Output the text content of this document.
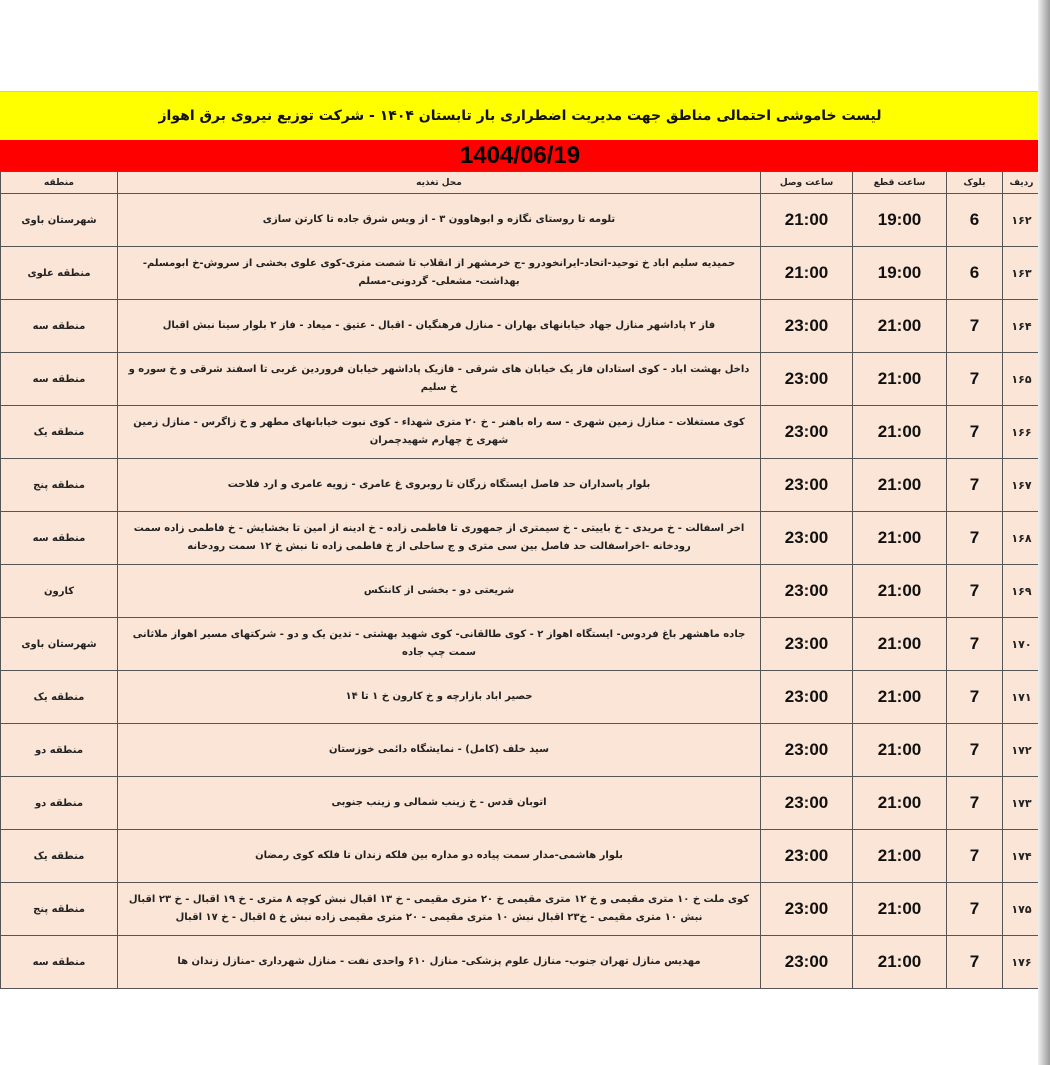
لیست خاموشی احتمالی مناطق جهت مدیریت اضطراری بار تابستان ۱۴۰۴ - شرکت توزیع نیروی برق اهواز
1404/06/19
ردیف	بلوک	ساعت قطع	ساعت وصل	محل تغذیه	منطقه
۱۶۲	6	19:00	21:00	تلومه تا روستای نگازه و ابوهاوون ۳ - از ویس شرق جاده تا کارتن سازی	شهرستان باوی
۱۶۳	6	19:00	21:00	حمیدیه سلیم اباد خ توحید-اتحاد-ایرانخودرو -ج خرمشهر از انقلاب تا شصت متری-کوی علوی بخشی از سروش-خ ابومسلم- بهداشت- مشعلی- گردونی-مسلم	منطقه علوی
۱۶۴	7	21:00	23:00	فاز ۲ پاداشهر منازل جهاد خیابانهای بهاران - منازل فرهنگیان - اقبال - عتیق - میعاد - فاز ۲ بلوار سینا نبش اقبال	منطقه سه
۱۶۵	7	21:00	23:00	داخل بهشت اباد - کوی استادان فاز یک خیابان های شرقی - فازیک پاداشهر خیابان فروردین غربی تا اسفند شرقی و خ سوره و خ سلیم	منطقه سه
۱۶۶	7	21:00	23:00	کوی مستغلات - منازل زمین شهری - سه راه باهنر - خ ۲۰ متری شهداء - کوی نبوت خیابانهای مطهر و خ زاگرس - منازل زمین شهری خ چهارم شهیدچمران	منطقه یک
۱۶۷	7	21:00	23:00	بلوار پاسداران حد فاصل ایستگاه زرگان تا روبروی غ عامری - زویه عامری و ارد فلاحت	منطقه پنج
۱۶۸	7	21:00	23:00	اخر اسفالت - خ مریدی - خ باییتی - خ سیمتری از جمهوری تا فاطمی زاده - خ ادینه از امین تا بخشایش - خ فاطمی زاده سمت رودخانه -اخراسفالت حد فاصل بین سی متری و ج ساحلی از خ فاطمی زاده تا نبش خ ۱۲ سمت رودخانه	منطقه سه
۱۶۹	7	21:00	23:00	شریعتی دو - بخشی از کانتکس	کارون
۱۷۰	7	21:00	23:00	جاده ماهشهر باغ فردوس- ایستگاه اهواز ۲ - کوی طالقانی- کوی شهید بهشتی - تدین یک و دو - شرکتهای مسیر اهواز ملاثانی سمت چپ جاده	شهرستان باوی
۱۷۱	7	21:00	23:00	حصیر اباد بازارچه و خ کارون خ ۱ تا ۱۴	منطقه یک
۱۷۲	7	21:00	23:00	سید خلف (کامل) - نمایشگاه دائمی خوزستان	منطقه دو
۱۷۳	7	21:00	23:00	اتوبان قدس - خ زینب شمالی و زینب جنوبی	منطقه دو
۱۷۴	7	21:00	23:00	بلوار هاشمی-مدار سمت پیاده دو مداره بین فلکه زندان تا فلکه کوی رمضان	منطقه یک
۱۷۵	7	21:00	23:00	کوی ملت خ ۱۰ متری مقیمی و خ ۱۲ متری مقیمی خ ۲۰ متری مقیمی - خ ۱۳ اقبال نبش کوچه ۸ متری - خ ۱۹ اقبال - خ ۲۳ اقبال نبش ۱۰ متری مقیمی - خ۲۳ اقبال نبش ۱۰ متری مقیمی - ۲۰ متری مقیمی زاده نبش خ ۵ اقبال - خ ۱۷ اقبال	منطقه پنج
۱۷۶	7	21:00	23:00	مهدیس منازل تهران جنوب- منازل علوم پزشکی- منازل ۶۱۰ واحدی نفت - منازل شهرداری -منازل زندان ها	منطقه سه
